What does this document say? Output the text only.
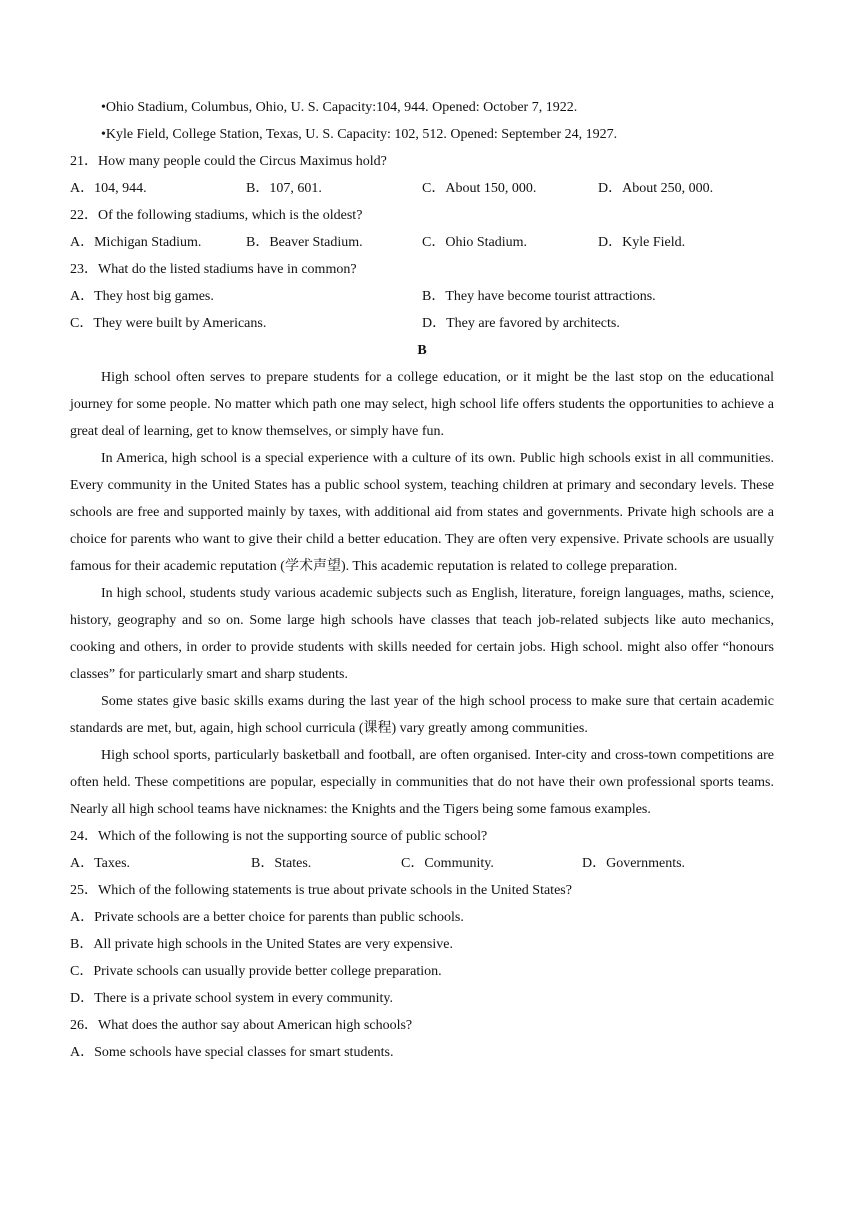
•Ohio Stadium, Columbus, Ohio, U. S. Capacity:104, 944. Opened: October 7, 1922.
•Kyle Field, College Station, Texas, U. S. Capacity: 102, 512. Opened: September 24, 1927.
21．How many people could the Circus Maximus hold?
A．104, 944.	B．107, 601.	C．About 150, 000.	D．About 250, 000.
22．Of the following stadiums, which is the oldest?
A．Michigan Stadium.	B．Beaver Stadium.	C．Ohio Stadium.	D．Kyle Field.
23．What do the listed stadiums have in common?
A．They host big games.	B．They have become tourist attractions.
C．They were built by Americans.	D．They are favored by architects.
B

High school often serves to prepare students for a college education, or it might be the last stop on the educational journey for some people. No matter which path one may select, high school life offers students the opportunities to achieve a great deal of learning, get to know themselves, or simply have fun.

In America, high school is a special experience with a culture of its own. Public high schools exist in all communities. Every community in the United States has a public school system, teaching children at primary and secondary levels. These schools are free and supported mainly by taxes, with additional aid from states and governments. Private high schools are a choice for parents who want to give their child a better education. They are often very expensive. Private schools are usually famous for their academic reputation (学术声望). This academic reputation is related to college preparation.

In high school, students study various academic subjects such as English, literature, foreign languages, maths, science, history, geography and so on. Some large high schools have classes that teach job-related subjects like auto mechanics, cooking and others, in order to provide students with skills needed for certain jobs. High school. might also offer “honours classes” for particularly smart and sharp students.

Some states give basic skills exams during the last year of the high school process to make sure that certain academic standards are met, but, again, high school curricula (课程) vary greatly among communities.

High school sports, particularly basketball and football, are often organised. Inter-city and cross-town competitions are often held. These competitions are popular, especially in communities that do not have their own professional sports teams. Nearly all high school teams have nicknames: the Knights and the Tigers being some famous examples.

24．Which of the following is not the supporting source of public school?
A．Taxes.	B．States.	C．Community.	D．Governments.
25．Which of the following statements is true about private schools in the United States?
A．Private schools are a better choice for parents than public schools.
B．All private high schools in the United States are very expensive.
C．Private schools can usually provide better college preparation.
D．There is a private school system in every community.
26．What does the author say about American high schools?
A．Some schools have special classes for smart students.
